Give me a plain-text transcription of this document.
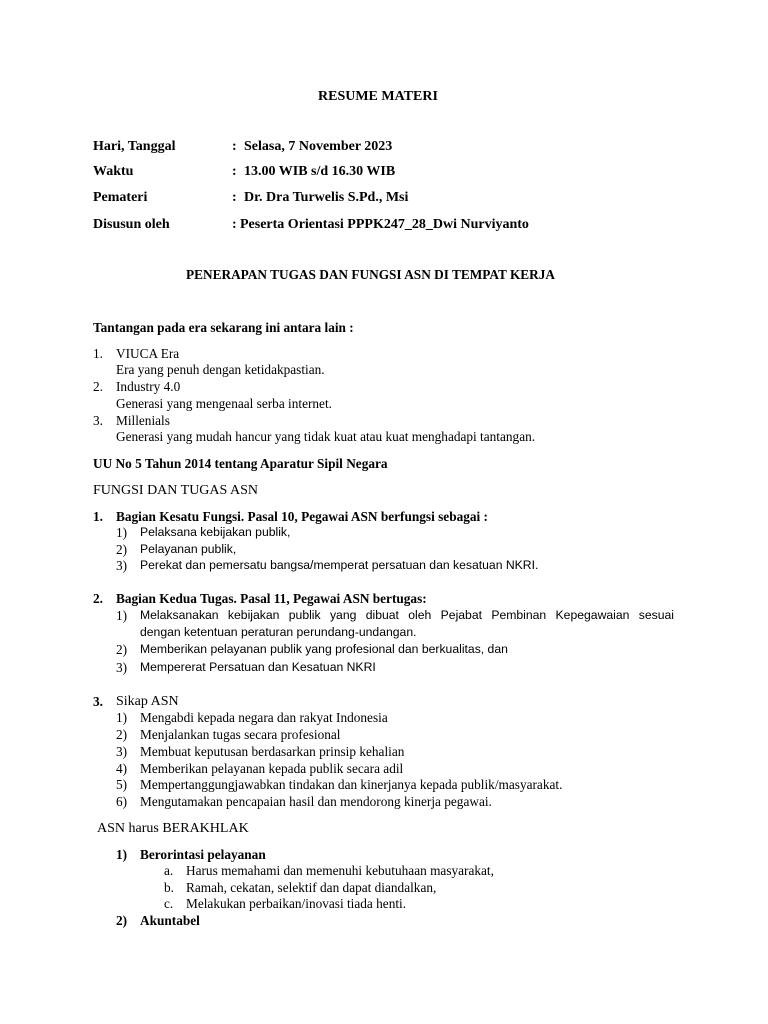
RESUME MATERI
Hari, Tanggal	: Selasa, 7 November 2023
Waktu	: 13.00 WIB s/d 16.30 WIB
Pemateri	: Dr. Dra Turwelis S.Pd., Msi
Disusun oleh	: Peserta Orientasi PPPK247_28_Dwi Nurviyanto
PENERAPAN TUGAS DAN FUNGSI ASN DI TEMPAT KERJA
Tantangan pada era sekarang ini antara lain :
1. VIUCA Era
Era yang penuh dengan ketidakpastian.
2. Industry 4.0
Generasi yang mengenaal serba internet.
3. Millenials
Generasi yang mudah hancur yang tidak kuat atau kuat menghadapi tantangan.
UU No 5 Tahun 2014 tentang Aparatur Sipil Negara
FUNGSI DAN TUGAS ASN
1. Bagian Kesatu Fungsi. Pasal 10, Pegawai ASN berfungsi sebagai :
1) Pelaksana kebijakan publik,
2) Pelayanan publik,
3) Perekat dan pemersatu bangsa/memperat persatuan dan kesatuan NKRI.
2. Bagian Kedua Tugas. Pasal 11, Pegawai ASN bertugas:
1) Melaksanakan kebijakan publik yang dibuat oleh Pejabat Pembinan Kepegawaian sesuai
dengan ketentuan peraturan perundang-undangan.
2) Memberikan pelayanan publik yang profesional dan berkualitas, dan
3) Mempererat Persatuan dan Kesatuan NKRI
3. Sikap ASN
1) Mengabdi kepada negara dan rakyat Indonesia
2) Menjalankan tugas secara profesional
3) Membuat keputusan berdasarkan prinsip kehalian
4) Memberikan pelayanan kepada publik secara adil
5) Mempertanggungjawabkan tindakan dan kinerjanya kepada publik/masyarakat.
6) Mengutamakan pencapaian hasil dan mendorong kinerja pegawai.
ASN harus BERAKHLAK
1) Berorintasi pelayanan
a. Harus memahami dan memenuhi kebutuhaan masyarakat,
b. Ramah, cekatan, selektif dan dapat diandalkan,
c. Melakukan perbaikan/inovasi tiada henti.
2) Akuntabel
